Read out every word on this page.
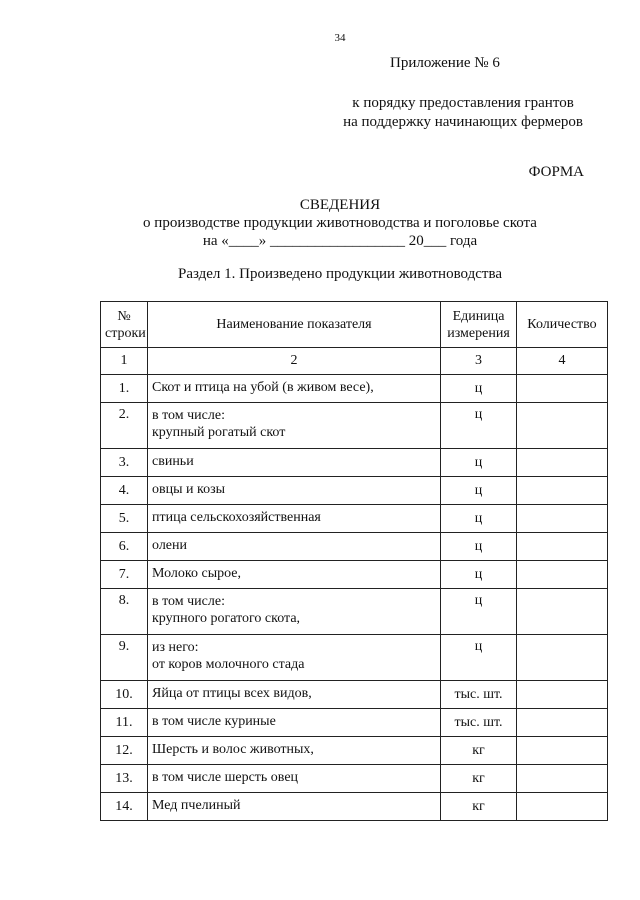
34
Приложение № 6
к порядку предоставления грантов
на поддержку начинающих фермеров
ФОРМА
СВЕДЕНИЯ
о производстве продукции животноводства и поголовье скота
на «____» __________________ 20___ года
Раздел 1. Произведено продукции животноводства
№ строки	Наименование показателя	Единица измерения	Количество
1	2	3	4
1.	Скот и птица на убой (в живом весе),	ц	
2.	в том числе:
крупный рогатый скот	ц	
3.	свиньи	ц	
4.	овцы и козы	ц	
5.	птица сельскохозяйственная	ц	
6.	олени	ц	
7.	Молоко сырое,	ц	
8.	в том числе:
крупного рогатого скота,	ц	
9.	из него:
от коров молочного стада	ц	
10.	Яйца от птицы всех видов,	тыс. шт.	
11.	в том числе куриные	тыс. шт.	
12.	Шерсть и волос животных,	кг	
13.	в том числе шерсть овец	кг	
14.	Мед пчелиный	кг	
